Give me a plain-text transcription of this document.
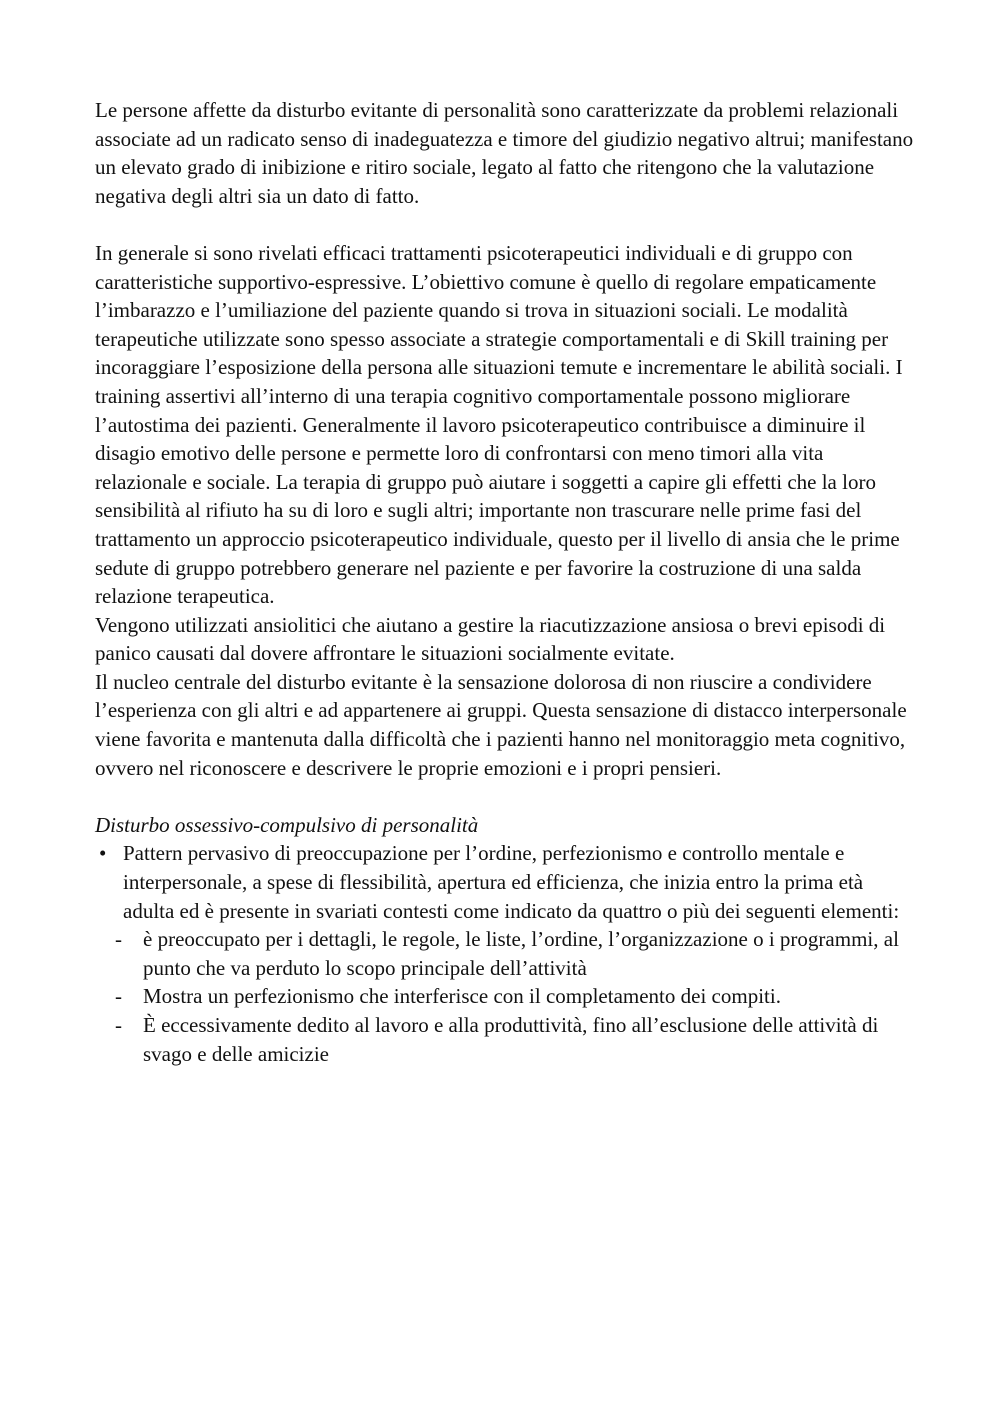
Le persone affette da disturbo evitante di personalità sono caratterizzate da problemi relazionali associate ad un radicato senso di inadeguatezza e timore del giudizio negativo altrui; manifestano un elevato grado di inibizione e ritiro sociale, legato al fatto che ritengono che la valutazione negativa degli altri sia un dato di fatto.

In generale si sono rivelati efficaci trattamenti psicoterapeutici individuali e di gruppo con caratteristiche supportivo-espressive. L’obiettivo comune è quello di regolare empaticamente l’imbarazzo e l’umiliazione del paziente quando si trova in situazioni sociali. Le modalità terapeutiche utilizzate sono spesso associate a strategie comportamentali e di Skill training per incoraggiare l’esposizione della persona alle situazioni temute e incrementare le abilità sociali. I training assertivi all’interno di una terapia cognitivo comportamentale possono migliorare l’autostima dei pazienti. Generalmente il lavoro psicoterapeutico contribuisce a diminuire il disagio emotivo delle persone e permette loro di confrontarsi con meno timori alla vita relazionale e sociale. La terapia di gruppo può aiutare i soggetti a capire gli effetti che la loro sensibilità al rifiuto ha su di loro e sugli altri; importante non trascurare nelle prime fasi del trattamento un approccio psicoterapeutico individuale, questo per il livello di ansia che le prime sedute di gruppo potrebbero generare nel paziente e per favorire la costruzione di una salda relazione terapeutica.

Vengono utilizzati ansiolitici che aiutano a gestire la riacutizzazione ansiosa o brevi episodi di panico causati dal dovere affrontare le situazioni socialmente evitate.

Il nucleo centrale del disturbo evitante è la sensazione dolorosa di non riuscire a condividere l’esperienza con gli altri e ad appartenere ai gruppi. Questa sensazione di distacco interpersonale viene favorita e mantenuta dalla difficoltà che i pazienti hanno nel monitoraggio meta cognitivo, ovvero nel riconoscere e descrivere le proprie emozioni e i propri pensieri.

Disturbo ossessivo-compulsivo di personalità

• Pattern pervasivo di preoccupazione per l’ordine, perfezionismo e controllo mentale e interpersonale, a spese di flessibilità, apertura ed efficienza, che inizia entro la prima età adulta ed è presente in svariati contesti come indicato da quattro o più dei seguenti elementi:
- è preoccupato per i dettagli, le regole, le liste, l’ordine, l’organizzazione o i programmi, al punto che va perduto lo scopo principale dell’attività
- Mostra un perfezionismo che interferisce con il completamento dei compiti.
- È eccessivamente dedito al lavoro e alla produttività, fino all’esclusione delle attività di svago e delle amicizie
